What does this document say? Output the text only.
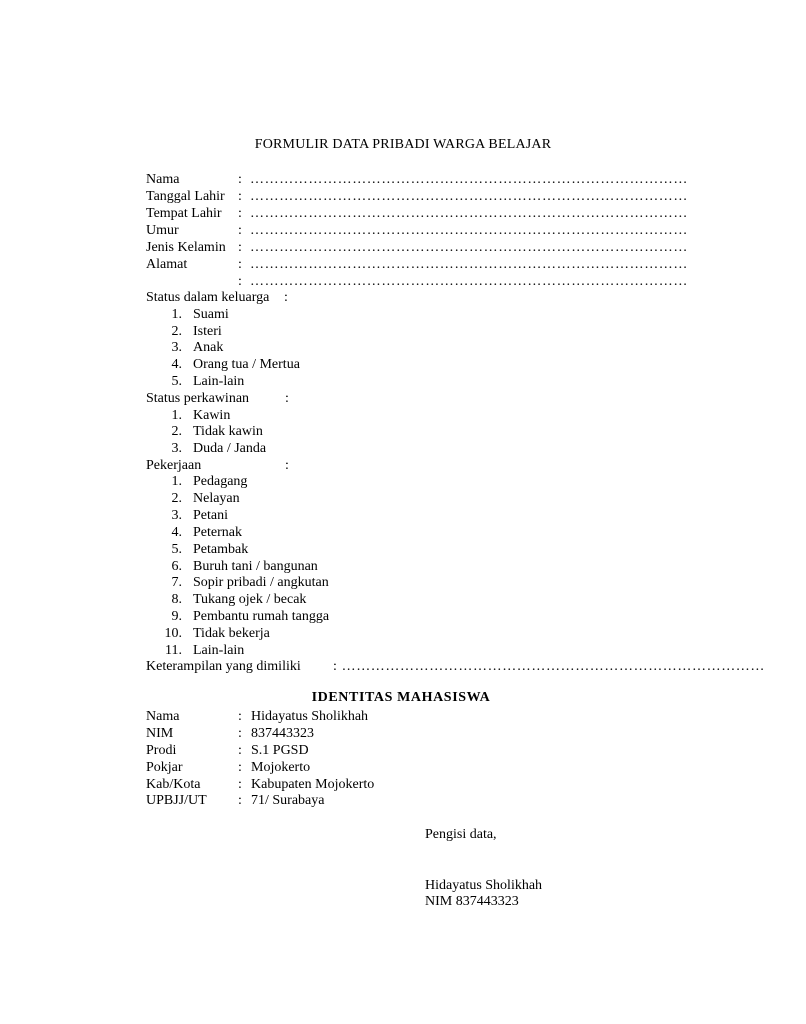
FORMULIR DATA PRIBADI WARGA BELAJAR
Nama	: ………………………………………………………………………………
Tanggal Lahir : ………………………………………………………………………………
Tempat Lahir : ………………………………………………………………………………
Umur	: ………………………………………………………………………………
Jenis Kelamin : ………………………………………………………………………………
Alamat	: ………………………………………………………………………………
: ………………………………………………………………………………
Status dalam keluarga :
1. Suami
2. Isteri
3. Anak
4. Orang tua / Mertua
5. Lain-lain
Status perkawinan	:
1. Kawin
2. Tidak kawin
3. Duda / Janda
Pekerjaan	:
1. Pedagang
2. Nelayan
3. Petani
4. Peternak
5. Petambak
6. Buruh tani / bangunan
7. Sopir pribadi / angkutan
8. Tukang ojek / becak
9. Pembantu rumah tangga
10. Tidak bekerja
11. Lain-lain
Keterampilan yang dimiliki : ……………………………………………………………………………
IDENTITAS MAHASISWA
Nama	: Hidayatus Sholikhah
NIM	: 837443323
Prodi	: S.1 PGSD
Pokjar	: Mojokerto
Kab/Kota	: Kabupaten Mojokerto
UPBJJ/UT : 71/ Surabaya
Pengisi data,
Hidayatus Sholikhah
NIM 837443323
